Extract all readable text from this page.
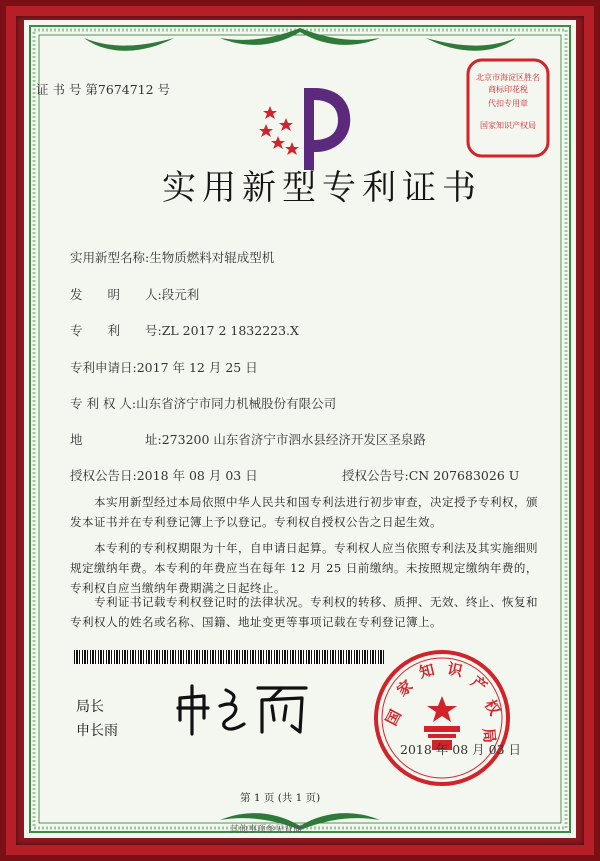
证 书 号 第7674712 号
北京市海淀区胜名
商标印花税
代扣专用章
国家知识产权局
实用新型专利证书
实用新型名称:生物质燃料对辊成型机
发　　明　　人:段元利
专　　利　　号:ZL 2017 2 1832223.X
专利申请日:2017 年 12 月 25 日
专 利 权 人:山东省济宁市同力机械股份有限公司
地　　　　　址:273200 山东省济宁市泗水县经济开发区圣泉路
授权公告日:2018 年 08 月 03 日	授权公告号:CN 207683026 U
本实用新型经过本局依照中华人民共和国专利法进行初步审查，决定授予专利权，颁发本证书并在专利登记簿上予以登记。专利权自授权公告之日起生效。
本专利的专利权期限为十年，自申请日起算。专利权人应当依照专利法及其实施细则规定缴纳年费。本专利的年费应当在每年 12 月 25 日前缴纳。未按照规定缴纳年费的，专利权自应当缴纳年费期满之日起终止。
专利证书记载专利权登记时的法律状况。专利权的转移、质押、无效、终止、恢复和专利权人的姓名或名称、国籍、地址变更等事项记载在专利登记簿上。
局长
申长雨
国
家
知 识
产
权
局
2018 年 08 月 03 日
第 1 页 (共 1 页)
其他事项参见背面
